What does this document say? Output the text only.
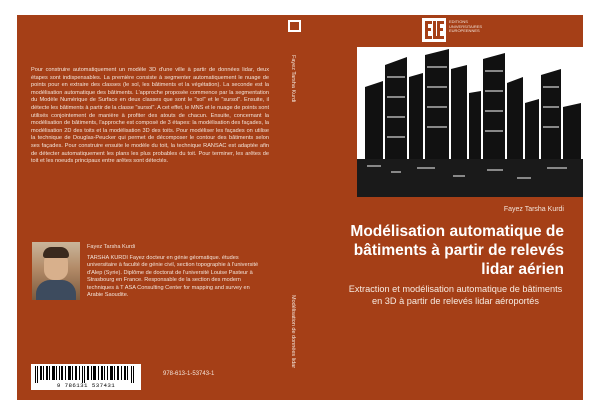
Pour construire automatiquement un modèle 3D d'une ville à partir de données lidar, deux étapes sont indispensables. La première consiste à segmenter automatiquement le nuage de points pour en extraire des classes (le sol, les bâtiments et la végétation). La seconde est la modélisation automatique des bâtiments. L'approche proposée commence par la segmentation du Modèle Numérique de Surface en deux classes que sont le "sol" et le "sursol". Ensuite, il détecte les bâtiments à partir de la classe "sursol". A cet effet, le MNS et le nuage de points sont utilisés conjointement de manière à profiter des atouts de chacun. Ensuite, concernant la modélisation de bâtiments, l'approche est composé de 3 étapes: la modélisation des façades, la modélisation 2D des toits et la modélisation 3D des toits. Pour modéliser les façades on utilise la technique de Douglas-Peucker qui permet de décomposer le contour des bâtiments selon ses façades. Pour construire ensuite le modèle du toit, la technique RANSAC est adaptée afin de détecter automatiquement les plans les plus probables du toit. Pour terminer, les arêtes de toit et les noeuds principaux entre arêtes sont détectés.

Fayez Tarsha Kurdi

TARSHA KURDI Fayez docteur en génie géomatique. études universitaire à faculté de génie civil, section topographie à l'université d'Alep (Syrie). Diplôme de doctorat de l'université Louise Pasteur à Strasbourg en France. Responsable de la section des modern techniques à T ASA Consulting Center for mapping and survey en Arabie Saoudite.

9 786131 537431
978-613-1-53743-1
Fayez Tarsha Kurdi
Modélisation de données lidar
EDITIONS
UNIVERSITAIRES
EUROPEENNES
Fayez Tarsha Kurdi

Modélisation automatique de bâtiments à partir de relevés lidar aérien

Extraction et modélisation automatique de bâtiments en 3D à partir de relevés lidar aéroportés
